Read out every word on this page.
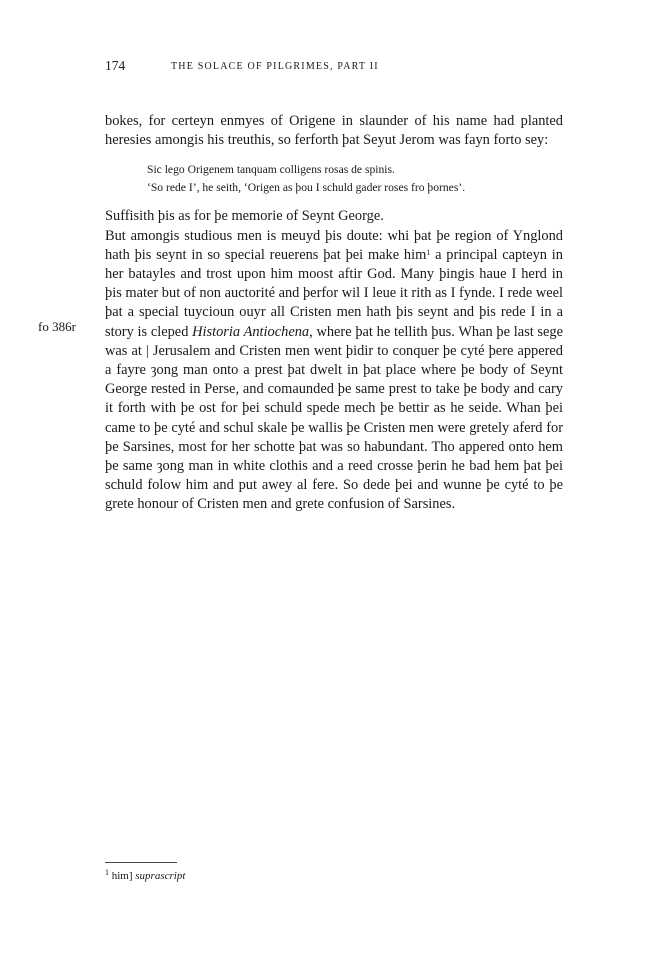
174	THE SOLACE OF PILGRIMES, PART II
fo 386r

bokes, for certeyn enmyes of Origene in slaunder of his name had planted heresies amongis his treuthis, so ferforth þat Seyut Jerom was fayn forto sey:

Sic lego Origenem tanquam colligens rosas de spinis.

‘So rede I’, he seith, ‘Origen as þou I schuld gader roses fro þornes’.

Suffisith þis as for þe memorie of Seynt George.

But amongis studious men is meuyd þis doute: whi þat þe region of Ynglond hath þis seynt in so special reuerens þat þei make him$^1$ a principal capteyn in her batayles and trost upon him moost aftir God. Many þingis haue I herd in þis mater but of non auctorité and þerfor wil I leue it rith as I fynde. I rede weel þat a special tuycioun ouyr all Cristen men hath þis seynt and þis rede I in a story is cleped Historia Antiochena, where þat he tellith þus. Whan þe last sege was at | Jerusalem and Cristen men went þidir to conquer þe cyté þere appered a fayre ȝong man onto a prest þat dwelt in þat place where þe body of Seynt George rested in Perse, and comaunded þe same prest to take þe body and cary it forth with þe ost for þei schuld spede mech þe bettir as he seide. Whan þei came to þe cyté and schul skale þe wallis þe Cristen men were gretely aferd for þe Sarsines, most for her schotte þat was so habundant. Tho appered onto hem þe same ȝong man in white clothis and a reed crosse þerin he bad hem þat þei schuld folow him and put awey al fere. So dede þei and wunne þe cyté to þe grete honour of Cristen men and grete confusion of Sarsines.

$^1$ him] suprascript
